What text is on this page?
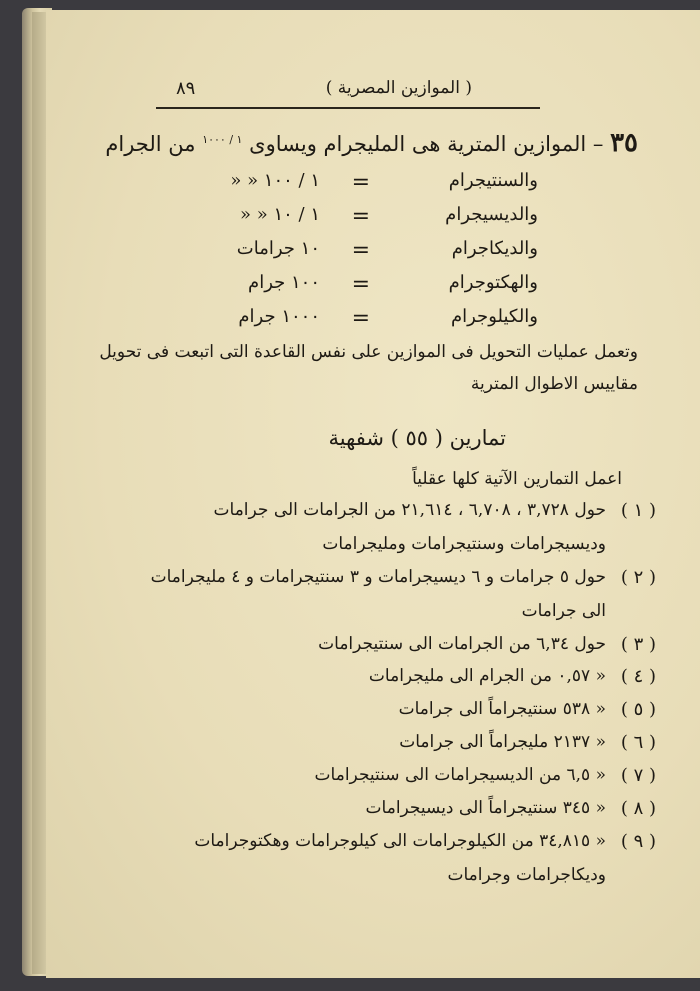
( الموازين المصرية )
٨٩
٣٥ – الموازين المترية هى المليجرام ويساوى $^{١ / ١٠٠٠}$ من الجرام
والسنتيجرام
=
١ / ١٠٠ « «
والديسيجرام
=
١ / ١٠ « «
والديكاجرام
=
١٠ جرامات
والهكتوجرام
=
١٠٠ جرام
والكيلوجرام
=
١٠٠٠ جرام
وتعمل عمليات التحويل فى الموازين على نفس القاعدة التى اتبعت فى تحويل
مقاييس الاطوال المترية
تمارين ( ٥٥ ) شفهية
اعمل التمارين الآتية كلها عقلياً
( ١ )
حول ٣,٧٢٨ ، ٦,٧٠٨ ، ٢١,٦١٤ من الجرامات الى جرامات
وديسيجرامات وسنتيجرامات ومليجرامات
( ٢ )
حول ٥ جرامات و ٦ ديسيجرامات و ٣ سنتيجرامات و ٤ مليجرامات
الى جرامات
( ٣ )
حول ٦,٣٤ من الجرامات الى سنتيجرامات
( ٤ )
« ٠,٥٧ من الجرام الى مليجرامات
( ٥ )
« ٥٣٨ سنتيجراماً الى جرامات
( ٦ )
« ٢١٣٧ مليجراماً الى جرامات
( ٧ )
« ٦,٥ من الديسيجرامات الى سنتيجرامات
( ٨ )
« ٣٤٥ سنتيجراماً الى ديسيجرامات
( ٩ )
« ٣٤,٨١٥ من الكيلوجرامات الى كيلوجرامات وهكتوجرامات
وديكاجرامات وجرامات
